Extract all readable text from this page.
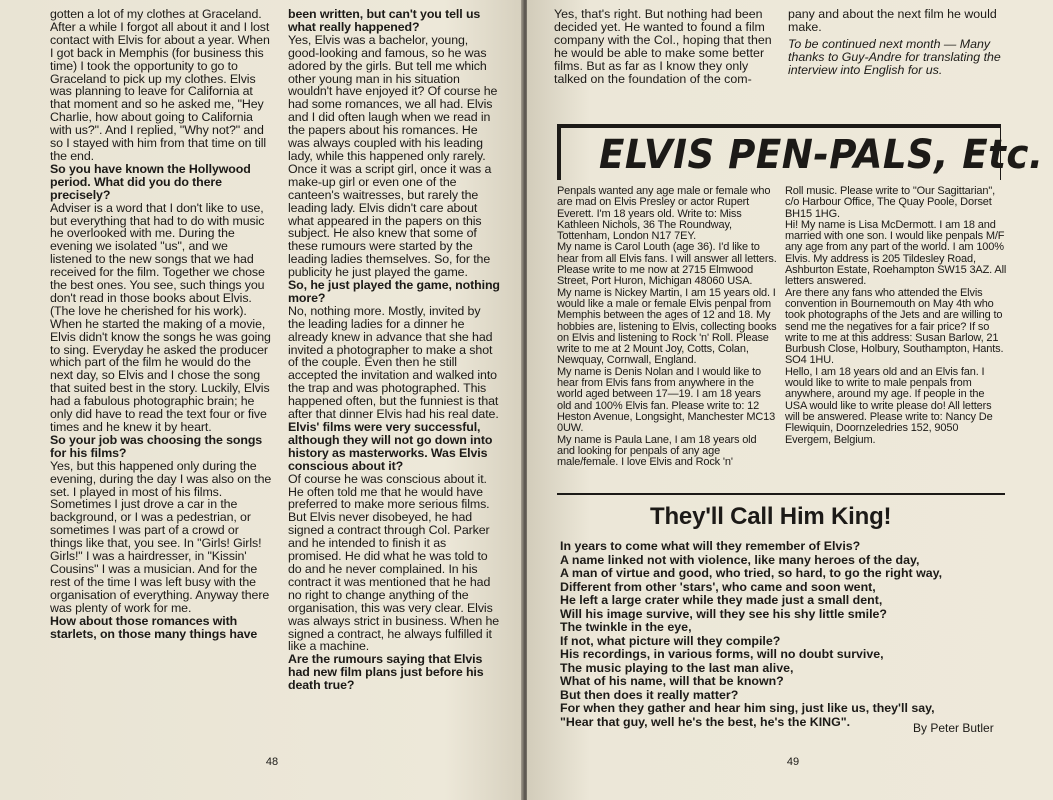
gotten a lot of my clothes at Graceland. After a while I forgot all about it and I lost contact with Elvis for about a year. When I got back in Memphis (for business this time) I took the opportunity to go to Graceland to pick up my clothes. Elvis was planning to leave for California at that moment and so he asked me, "Hey Charlie, how about going to California with us?". And I replied, "Why not?" and so I stayed with him from that time on till the end.

So you have known the Hollywood period. What did you do there precisely?

Adviser is a word that I don't like to use, but everything that had to do with music he overlooked with me. During the evening we isolated "us", and we listened to the new songs that we had received for the film. Together we chose the best ones. You see, such things you don't read in those books about Elvis. (The love he cherished for his work). When he started the making of a movie, Elvis didn't know the songs he was going to sing. Everyday he asked the producer which part of the film he would do the next day, so Elvis and I chose the song that suited best in the story. Luckily, Elvis had a fabulous photographic brain; he only did have to read the text four or five times and he knew it by heart.

So your job was choosing the songs for his films?

Yes, but this happened only during the evening, during the day I was also on the set. I played in most of his films. Sometimes I just drove a car in the background, or I was a pedestrian, or sometimes I was part of a crowd or things like that, you see. In "Girls! Girls! Girls!" I was a hairdresser, in "Kissin' Cousins" I was a musician. And for the rest of the time I was left busy with the organisation of everything. Anyway there was plenty of work for me.

How about those romances with starlets, on those many things have

been written, but can't you tell us what really happened?

Yes, Elvis was a bachelor, young, good-looking and famous, so he was adored by the girls. But tell me which other young man in his situation wouldn't have enjoyed it? Of course he had some romances, we all had. Elvis and I did often laugh when we read in the papers about his romances. He was always coupled with his leading lady, while this happened only rarely. Once it was a script girl, once it was a make-up girl or even one of the canteen's waitresses, but rarely the leading lady. Elvis didn't care about what appeared in the papers on this subject. He also knew that some of these rumours were started by the leading ladies themselves. So, for the publicity he just played the game.

So, he just played the game, nothing more?

No, nothing more. Mostly, invited by the leading ladies for a dinner he already knew in advance that she had invited a photographer to make a shot of the couple. Even then he still accepted the invitation and walked into the trap and was photographed. This happened often, but the funniest is that after that dinner Elvis had his real date.

Elvis' films were very successful, although they will not go down into history as masterworks. Was Elvis conscious about it?

Of course he was conscious about it. He often told me that he would have preferred to make more serious films. But Elvis never disobeyed, he had signed a contract through Col. Parker and he intended to finish it as promised. He did what he was told to do and he never complained. In his contract it was mentioned that he had no right to change anything of the organisation, this was very clear. Elvis was always strict in business. When he signed a contract, he always fulfilled it like a machine.

Are the rumours saying that Elvis had new film plans just before his death true?

48
Yes, that's right. But nothing had been decided yet. He wanted to found a film company with the Col., hoping that then he would be able to make some better films. But as far as I know they only talked on the foundation of the com-

pany and about the next film he would make.

To be continued next month — Many thanks to Guy-Andre for translating the interview into English for us.

ELVIS PEN-PALS, Etc.

Penpals wanted any age male or female who are mad on Elvis Presley or actor Rupert Everett. I'm 18 years old. Write to: Miss Kathleen Nichols, 36 The Roundway, Tottenham, London N17 7EY.

My name is Carol Louth (age 36). I'd like to hear from all Elvis fans. I will answer all letters. Please write to me now at 2715 Elmwood Street, Port Huron, Michigan 48060 USA.

My name is Nickey Martin, I am 15 years old. I would like a male or female Elvis penpal from Memphis between the ages of 12 and 18. My hobbies are, listening to Elvis, collecting books on Elvis and listening to Rock 'n' Roll. Please write to me at 2 Mount Joy, Cotts, Colan, Newquay, Cornwall, England.

My name is Denis Nolan and I would like to hear from Elvis fans from anywhere in the world aged between 17—19. I am 18 years old and 100% Elvis fan. Please write to: 12 Heston Avenue, Longsight, Manchester MC13 0UW.

My name is Paula Lane, I am 18 years old and looking for penpals of any age male/female. I love Elvis and Rock 'n'

Roll music. Please write to "Our Sagittarian", c/o Harbour Office, The Quay Poole, Dorset BH15 1HG.

Hi! My name is Lisa McDermott. I am 18 and married with one son. I would like penpals M/F any age from any part of the world. I am 100% Elvis. My address is 205 Tildesley Road, Ashburton Estate, Roehampton SW15 3AZ. All letters answered.

Are there any fans who attended the Elvis convention in Bournemouth on May 4th who took photographs of the Jets and are willing to send me the negatives for a fair price? If so write to me at this address: Susan Barlow, 21 Burbush Close, Holbury, Southampton, Hants. SO4 1HU.

Hello, I am 18 years old and an Elvis fan. I would like to write to male penpals from anywhere, around my age. If people in the USA would like to write please do! All letters will be answered. Please write to: Nancy De Flewiquin, Doornzeledries 152, 9050 Evergem, Belgium.

They'll Call Him King!
In years to come what will they remember of Elvis?
A name linked not with violence, like many heroes of the day,
A man of virtue and good, who tried, so hard, to go the right way,
Different from other 'stars', who came and soon went,
He left a large crater while they made just a small dent,
Will his image survive, will they see his shy little smile?
The twinkle in the eye,
If not, what picture will they compile?
His recordings, in various forms, will no doubt survive,
The music playing to the last man alive,
What of his name, will that be known?
But then does it really matter?
For when they gather and hear him sing, just like us, they'll say,
"Hear that guy, well he's the best, he's the KING".	By Peter Butler
49
